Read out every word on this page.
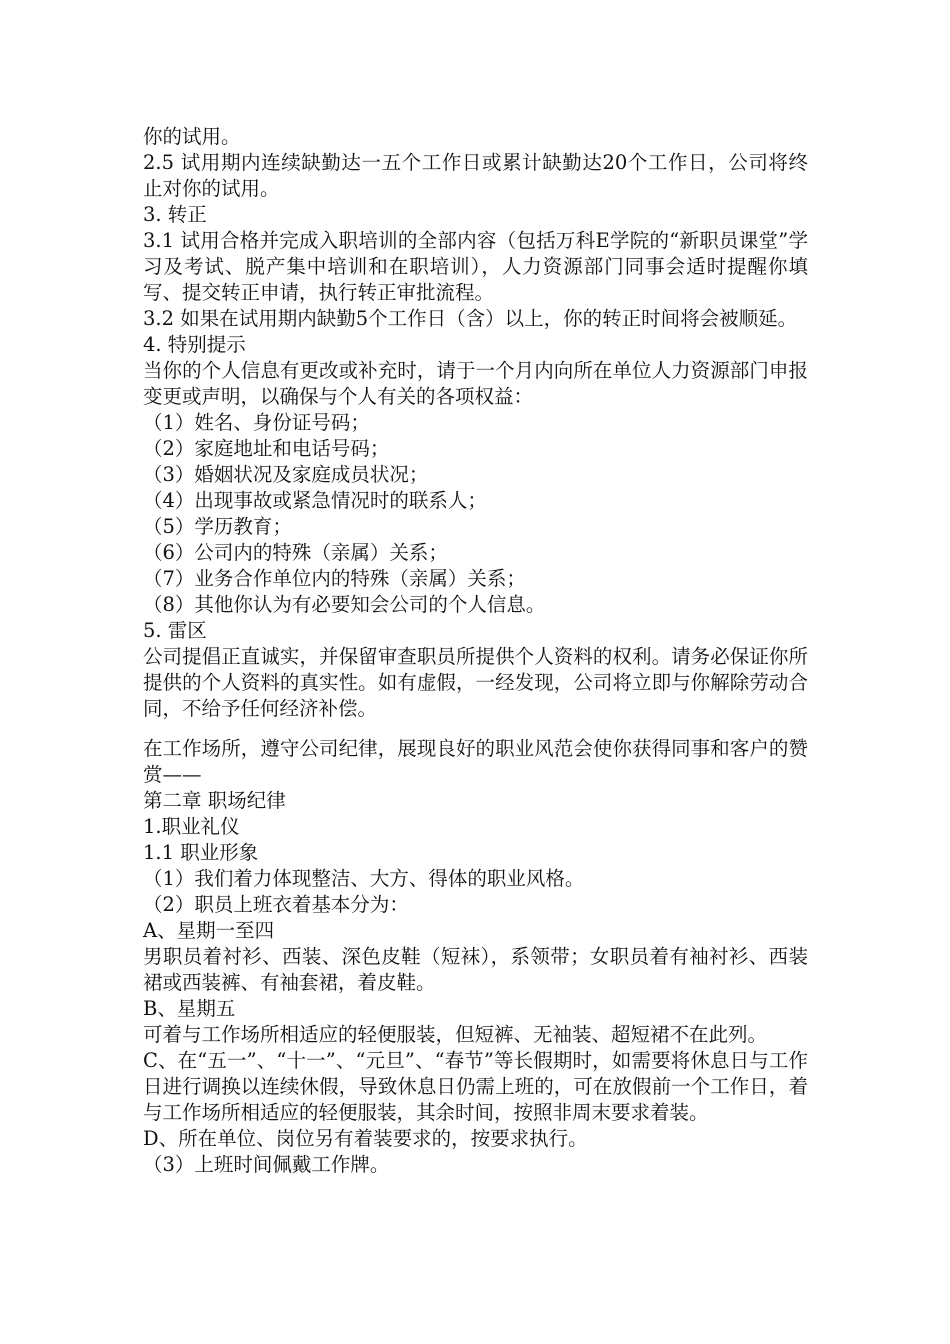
你的试用。

2.5 试用期内连续缺勤达一五个工作日或累计缺勤达20个工作日，公司将终止对你的试用。

3. 转正

3.1 试用合格并完成入职培训的全部内容（包括万科E学院的“新职员课堂”学习及考试、脱产集中培训和在职培训），人力资源部门同事会适时提醒你填写、提交转正申请，执行转正审批流程。

3.2 如果在试用期内缺勤5个工作日（含）以上，你的转正时间将会被顺延。

4. 特别提示

当你的个人信息有更改或补充时，请于一个月内向所在单位人力资源部门申报变更或声明，以确保与个人有关的各项权益：

（1）姓名、身份证号码；

（2）家庭地址和电话号码；

（3）婚姻状况及家庭成员状况；

（4）出现事故或紧急情况时的联系人；

（5）学历教育；

（6）公司内的特殊（亲属）关系；

（7）业务合作单位内的特殊（亲属）关系；

（8）其他你认为有必要知会公司的个人信息。

5. 雷区

公司提倡正直诚实，并保留审查职员所提供个人资料的权利。请务必保证你所提供的个人资料的真实性。如有虚假，一经发现，公司将立即与你解除劳动合同，不给予任何经济补偿。

在工作场所，遵守公司纪律，展现良好的职业风范会使你获得同事和客户的赞赏——

第二章 职场纪律

1.职业礼仪

1.1 职业形象

（1）我们着力体现整洁、大方、得体的职业风格。

（2）职员上班衣着基本分为：

A、星期一至四

男职员着衬衫、西装、深色皮鞋（短袜），系领带；女职员着有袖衬衫、西装裙或西装裤、有袖套裙，着皮鞋。

B、星期五

可着与工作场所相适应的轻便服装，但短裤、无袖装、超短裙不在此列。

C、在“五一”、“十一”、“元旦”、“春节”等长假期时，如需要将休息日与工作日进行调换以连续休假，导致休息日仍需上班的，可在放假前一个工作日，着与工作场所相适应的轻便服装，其余时间，按照非周末要求着装。

D、所在单位、岗位另有着装要求的，按要求执行。

（3）上班时间佩戴工作牌。
